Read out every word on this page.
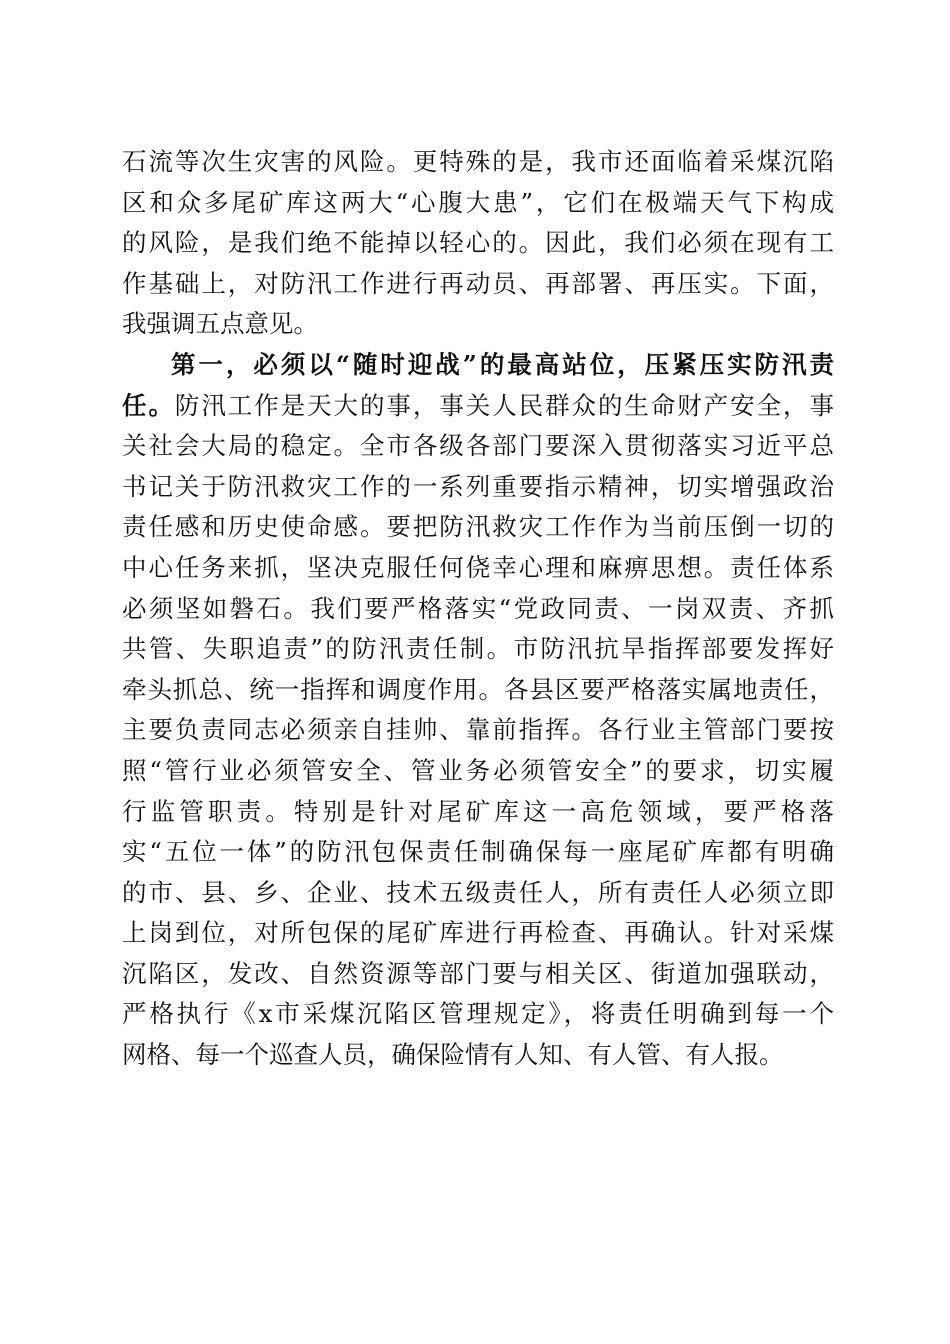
石流等次生灾害的风险。更特殊的是，我市还面临着采煤沉陷
区和众多尾矿库这两大“心腹大患”，它们在极端天气下构成
的风险，是我们绝不能掉以轻心的。因此，我们必须在现有工
作基础上，对防汛工作进行再动员、再部署、再压实。下面，
我强调五点意见。
第一，必须以“随时迎战”的最高站位，压紧压实防汛责
任。防汛工作是天大的事，事关人民群众的生命财产安全，事
关社会大局的稳定。全市各级各部门要深入贯彻落实习近平总
书记关于防汛救灾工作的一系列重要指示精神，切实增强政治
责任感和历史使命感。要把防汛救灾工作作为当前压倒一切的
中心任务来抓，坚决克服任何侥幸心理和麻痹思想。责任体系
必须坚如磐石。我们要严格落实“党政同责、一岗双责、齐抓
共管、失职追责”的防汛责任制。市防汛抗旱指挥部要发挥好
牵头抓总、统一指挥和调度作用。各县区要严格落实属地责任，
主要负责同志必须亲自挂帅、靠前指挥。各行业主管部门要按
照“管行业必须管安全、管业务必须管安全”的要求，切实履
行监管职责。特别是针对尾矿库这一高危领域，要严格落
实“五位一体”的防汛包保责任制确保每一座尾矿库都有明确
的市、县、乡、企业、技术五级责任人，所有责任人必须立即
上岗到位，对所包保的尾矿库进行再检查、再确认。针对采煤
沉陷区，发改、自然资源等部门要与相关区、街道加强联动，
严格执行《x市采煤沉陷区管理规定》，将责任明确到每一个
网格、每一个巡查人员，确保险情有人知、有人管、有人报。
